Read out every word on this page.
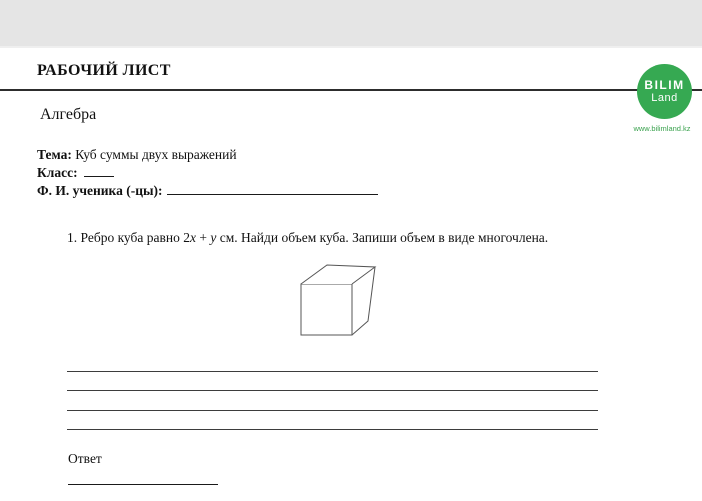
РАБОЧИЙ ЛИСТ
BILIM
Land
www.bilimland.kz
Алгебра
Тема: Куб суммы двух выражений
Класс:
Ф. И. ученика (-цы):
1. Ребро куба равно 2x + y см. Найди объем куба. Запиши объем в виде многочлена.
Ответ
